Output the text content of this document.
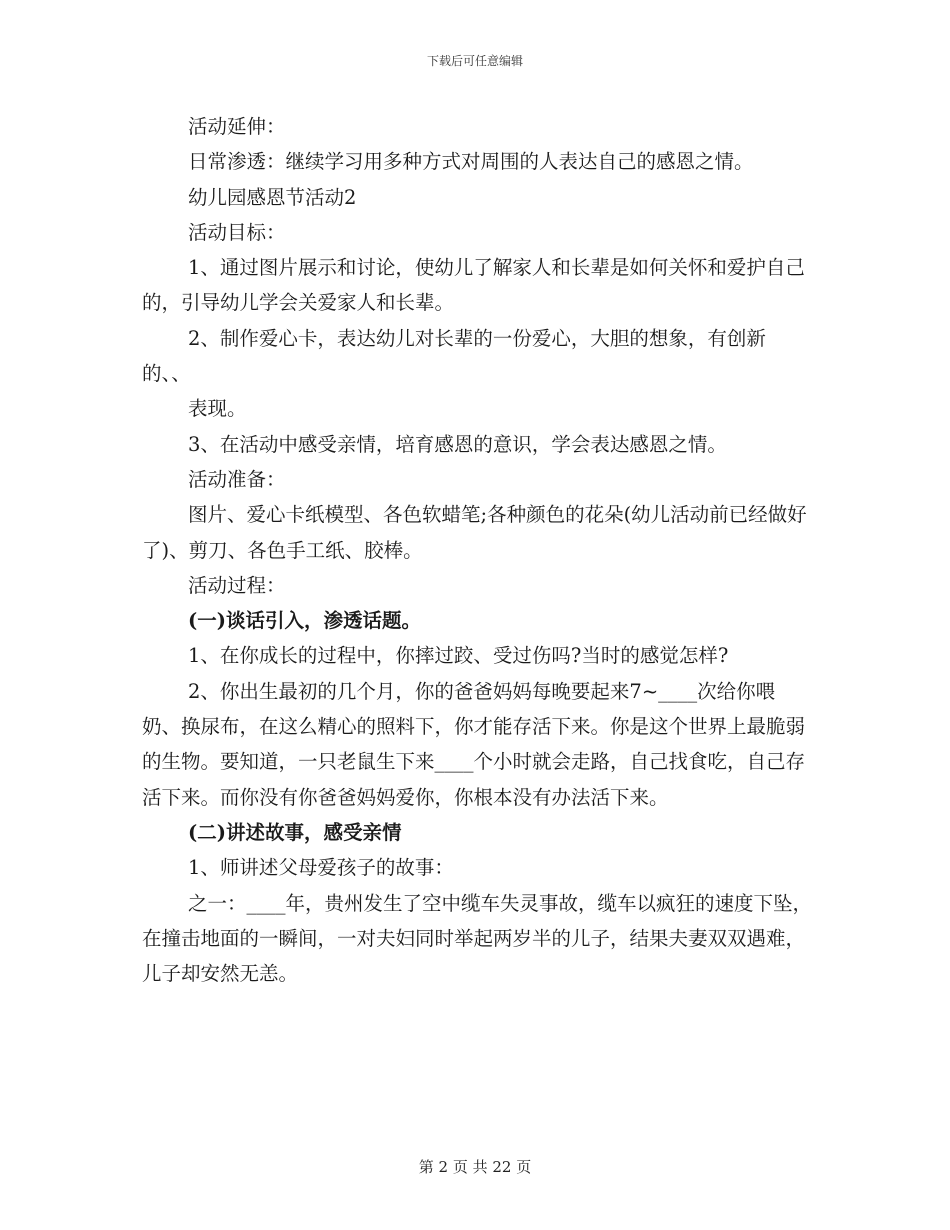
下载后可任意编辑

活动延伸：

日常渗透：继续学习用多种方式对周围的人表达自己的感恩之情。

幼儿园感恩节活动2

活动目标：

1、通过图片展示和讨论，使幼儿了解家人和长辈是如何关怀和爱护自己的，引导幼儿学会关爱家人和长辈。

2、制作爱心卡，表达幼儿对长辈的一份爱心，大胆的想象，有创新的、、

表现。

3、在活动中感受亲情，培育感恩的意识，学会表达感恩之情。

活动准备：

图片、爱心卡纸模型、各色软蜡笔;各种颜色的花朵(幼儿活动前已经做好了)、剪刀、各色手工纸、胶棒。

活动过程：

(一)谈话引入，渗透话题。

1、在你成长的过程中，你摔过跤、受过伤吗?当时的感觉怎样?

2、你出生最初的几个月，你的爸爸妈妈每晚要起来7~____次给你喂奶、换尿布，在这么精心的照料下，你才能存活下来。你是这个世界上最脆弱的生物。要知道，一只老鼠生下来____个小时就会走路，自己找食吃，自己存活下来。而你没有你爸爸妈妈爱你，你根本没有办法活下来。

(二)讲述故事，感受亲情

1、师讲述父母爱孩子的故事：

之一：____年，贵州发生了空中缆车失灵事故，缆车以疯狂的速度下坠，在撞击地面的一瞬间，一对夫妇同时举起两岁半的儿子，结果夫妻双双遇难，儿子却安然无恙。

第 2 页 共 22 页
